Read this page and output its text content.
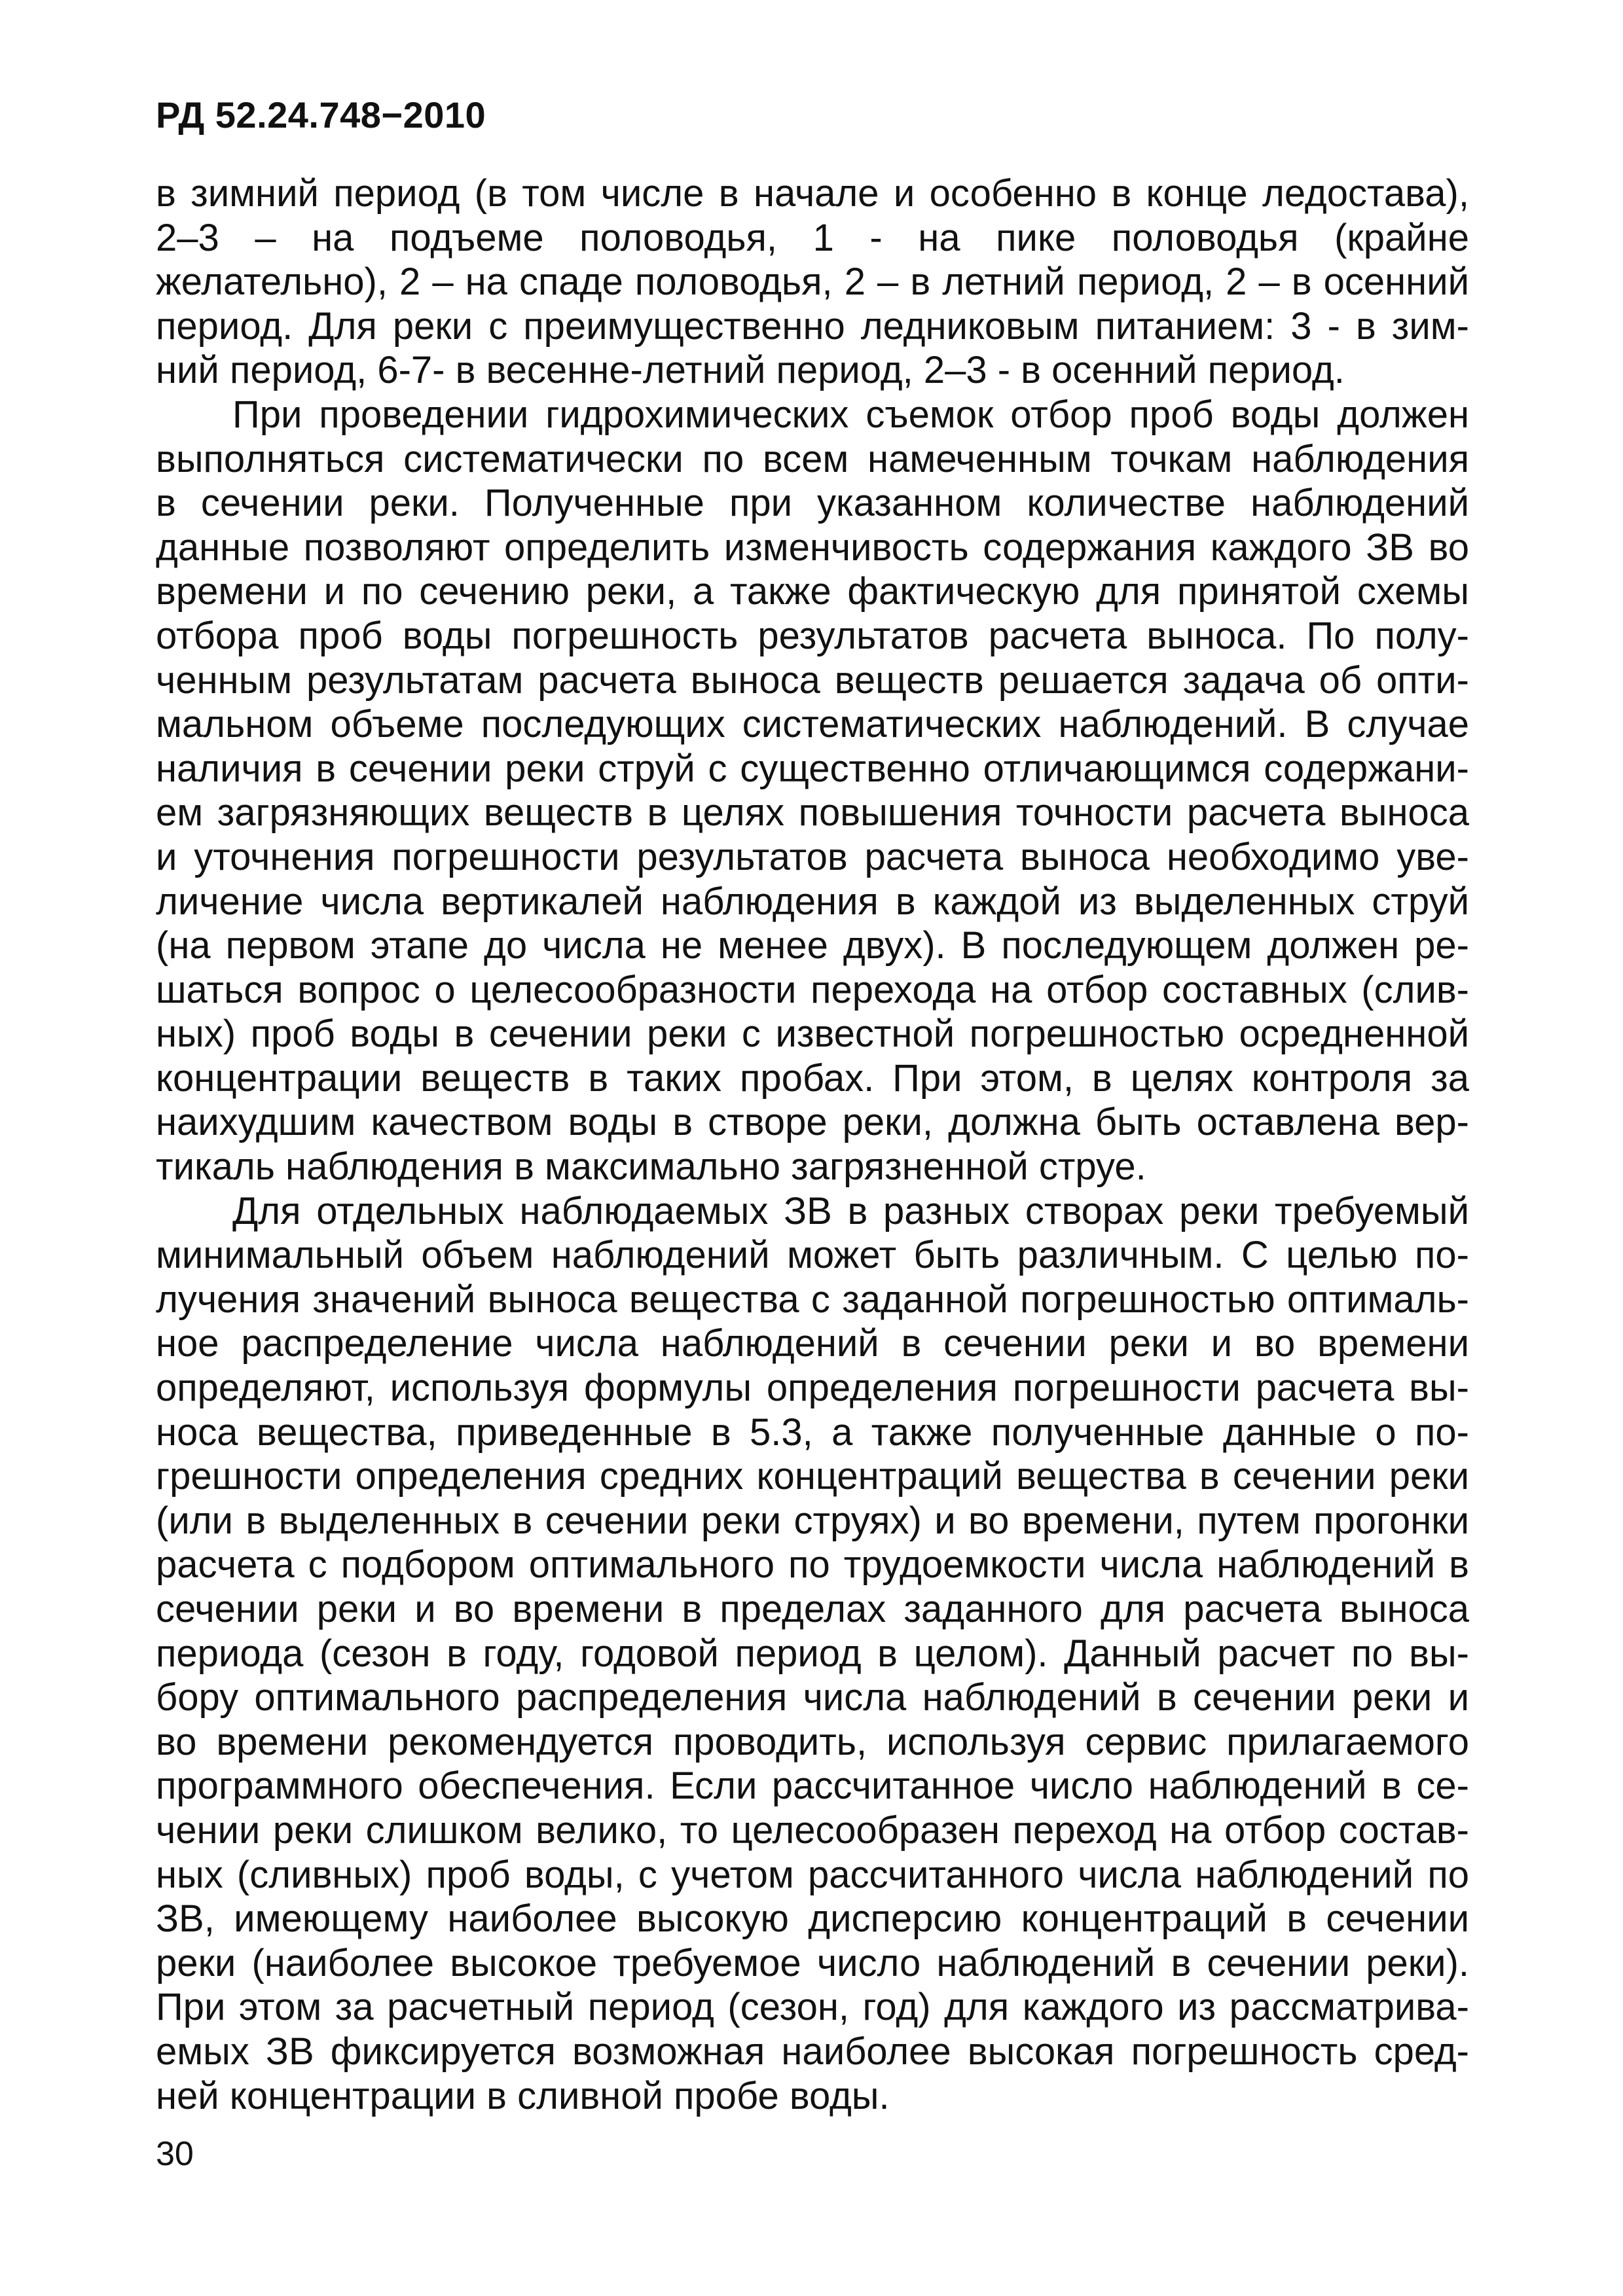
РД 52.24.748−2010

в зимний период (в том числе в начале и особенно в конце ледостава),
2–3 – на подъеме половодья, 1 - на пике половодья (крайне
желательно), 2 – на спаде половодья, 2 – в летний период, 2 – в осенний
период. Для реки с преимущественно ледниковым питанием: 3 - в зим-
ний период, 6-7- в весенне-летний период, 2–3 - в осенний период.

При проведении гидрохимических съемок отбор проб воды должен
выполняться систематически по всем намеченным точкам наблюдения
в сечении реки. Полученные при указанном количестве наблюдений
данные позволяют определить изменчивость содержания каждого ЗВ во
времени и по сечению реки, а также фактическую для принятой схемы
отбора проб воды погрешность результатов расчета выноса. По полу-
ченным результатам расчета выноса веществ решается задача об опти-
мальном объеме последующих систематических наблюдений. В случае
наличия в сечении реки струй с существенно отличающимся содержани-
ем загрязняющих веществ в целях повышения точности расчета выноса
и уточнения погрешности результатов расчета выноса необходимо уве-
личение числа вертикалей наблюдения в каждой из выделенных струй
(на первом этапе до числа не менее двух). В последующем должен ре-
шаться вопрос о целесообразности перехода на отбор составных (слив-
ных) проб воды в сечении реки с известной погрешностью осредненной
концентрации веществ в таких пробах. При этом, в целях контроля за
наихудшим качеством воды в створе реки, должна быть оставлена вер-
тикаль наблюдения в максимально загрязненной струе.

Для отдельных наблюдаемых ЗВ в разных створах реки требуемый
минимальный объем наблюдений может быть различным. С целью по-
лучения значений выноса вещества с заданной погрешностью оптималь-
ное распределение числа наблюдений в сечении реки и во времени
определяют, используя формулы определения погрешности расчета вы-
носа вещества, приведенные в 5.3, а также полученные данные о по-
грешности определения средних концентраций вещества в сечении реки
(или в выделенных в сечении реки струях) и во времени, путем прогонки
расчета с подбором оптимального по трудоемкости числа наблюдений в
сечении реки и во времени в пределах заданного для расчета выноса
периода (сезон в году, годовой период в целом). Данный расчет по вы-
бору оптимального распределения числа наблюдений в сечении реки и
во времени рекомендуется проводить, используя сервис прилагаемого
программного обеспечения. Если рассчитанное число наблюдений в се-
чении реки слишком велико, то целесообразен переход на отбор состав-
ных (сливных) проб воды, с учетом рассчитанного числа наблюдений по
ЗВ, имеющему наиболее высокую дисперсию концентраций в сечении
реки (наиболее высокое требуемое число наблюдений в сечении реки).
При этом за расчетный период (сезон, год) для каждого из рассматрива-
емых ЗВ фиксируется возможная наиболее высокая погрешность сред-
ней концентрации в сливной пробе воды.

30
